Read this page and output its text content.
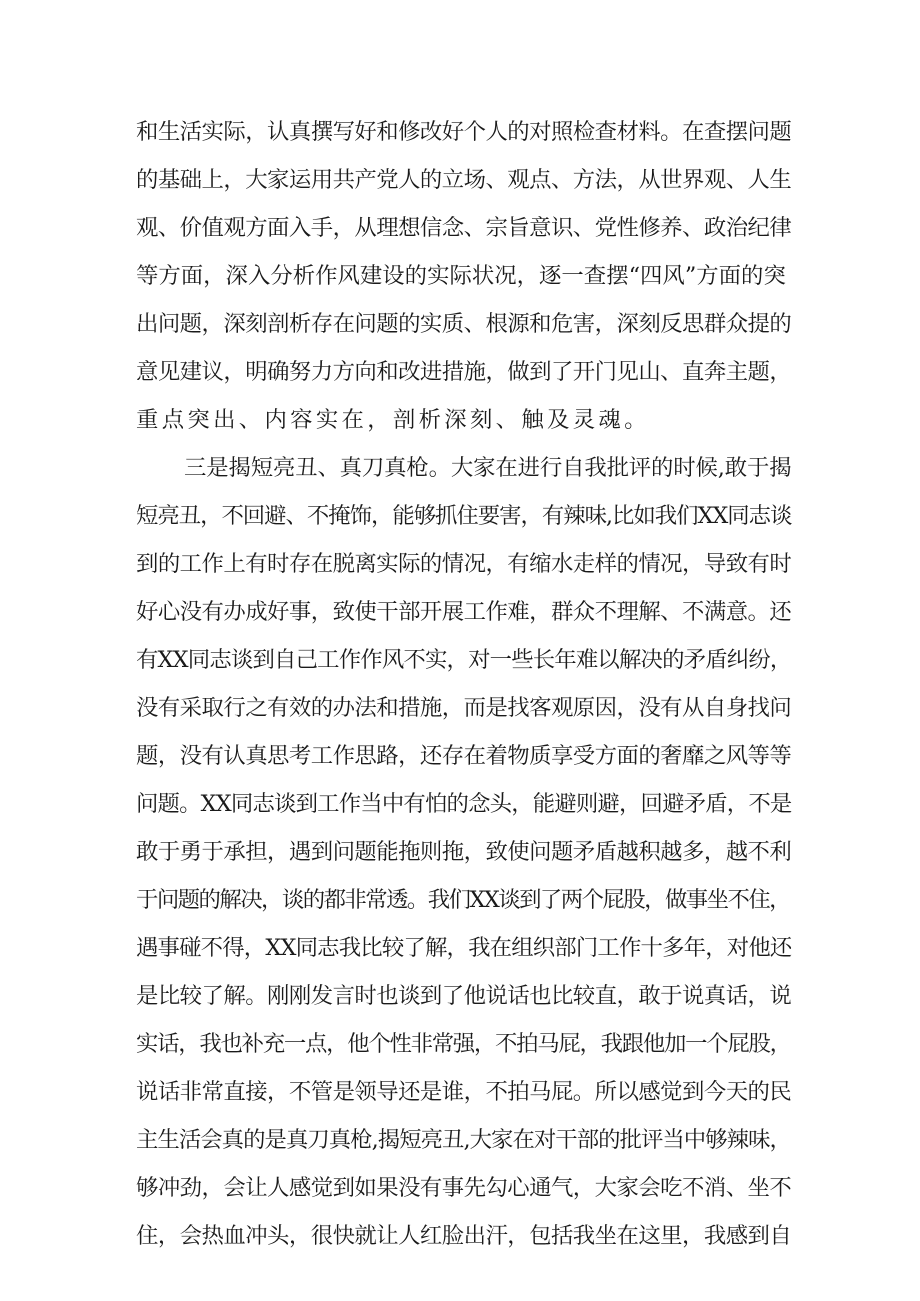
和生活实际，认真撰写好和修改好个人的对照检查材料。在查摆问题
的基础上，大家运用共产党人的立场、观点、方法，从世界观、人生
观、价值观方面入手，从理想信念、宗旨意识、党性修养、政治纪律
等方面，深入分析作风建设的实际状况，逐一查摆“四风”方面的突
出问题，深刻剖析存在问题的实质、根源和危害，深刻反思群众提的
意见建议，明确努力方向和改进措施，做到了开门见山、直奔主题，
重点突出、内容实在，剖析深刻、触及灵魂。
三是揭短亮丑、真刀真枪。大家在进行自我批评的时候,敢于揭
短亮丑，不回避、不掩饰，能够抓住要害，有辣味,比如我们XX同志谈
到的工作上有时存在脱离实际的情况，有缩水走样的情况，导致有时
好心没有办成好事，致使干部开展工作难，群众不理解、不满意。还
有XX同志谈到自己工作作风不实，对一些长年难以解决的矛盾纠纷，
没有采取行之有效的办法和措施，而是找客观原因，没有从自身找问
题，没有认真思考工作思路，还存在着物质享受方面的奢靡之风等等
问题。XX同志谈到工作当中有怕的念头，能避则避，回避矛盾，不是
敢于勇于承担，遇到问题能拖则拖，致使问题矛盾越积越多，越不利
于问题的解决，谈的都非常透。我们XX谈到了两个屁股，做事坐不住，
遇事碰不得，XX同志我比较了解，我在组织部门工作十多年，对他还
是比较了解。刚刚发言时也谈到了他说话也比较直，敢于说真话，说
实话，我也补充一点，他个性非常强，不拍马屁，我跟他加一个屁股，
说话非常直接，不管是领导还是谁，不拍马屁。所以感觉到今天的民
主生活会真的是真刀真枪,揭短亮丑,大家在对干部的批评当中够辣味，
够冲劲，会让人感觉到如果没有事先勾心通气，大家会吃不消、坐不
住，会热血冲头，很快就让人红脸出汗，包括我坐在这里，我感到自
